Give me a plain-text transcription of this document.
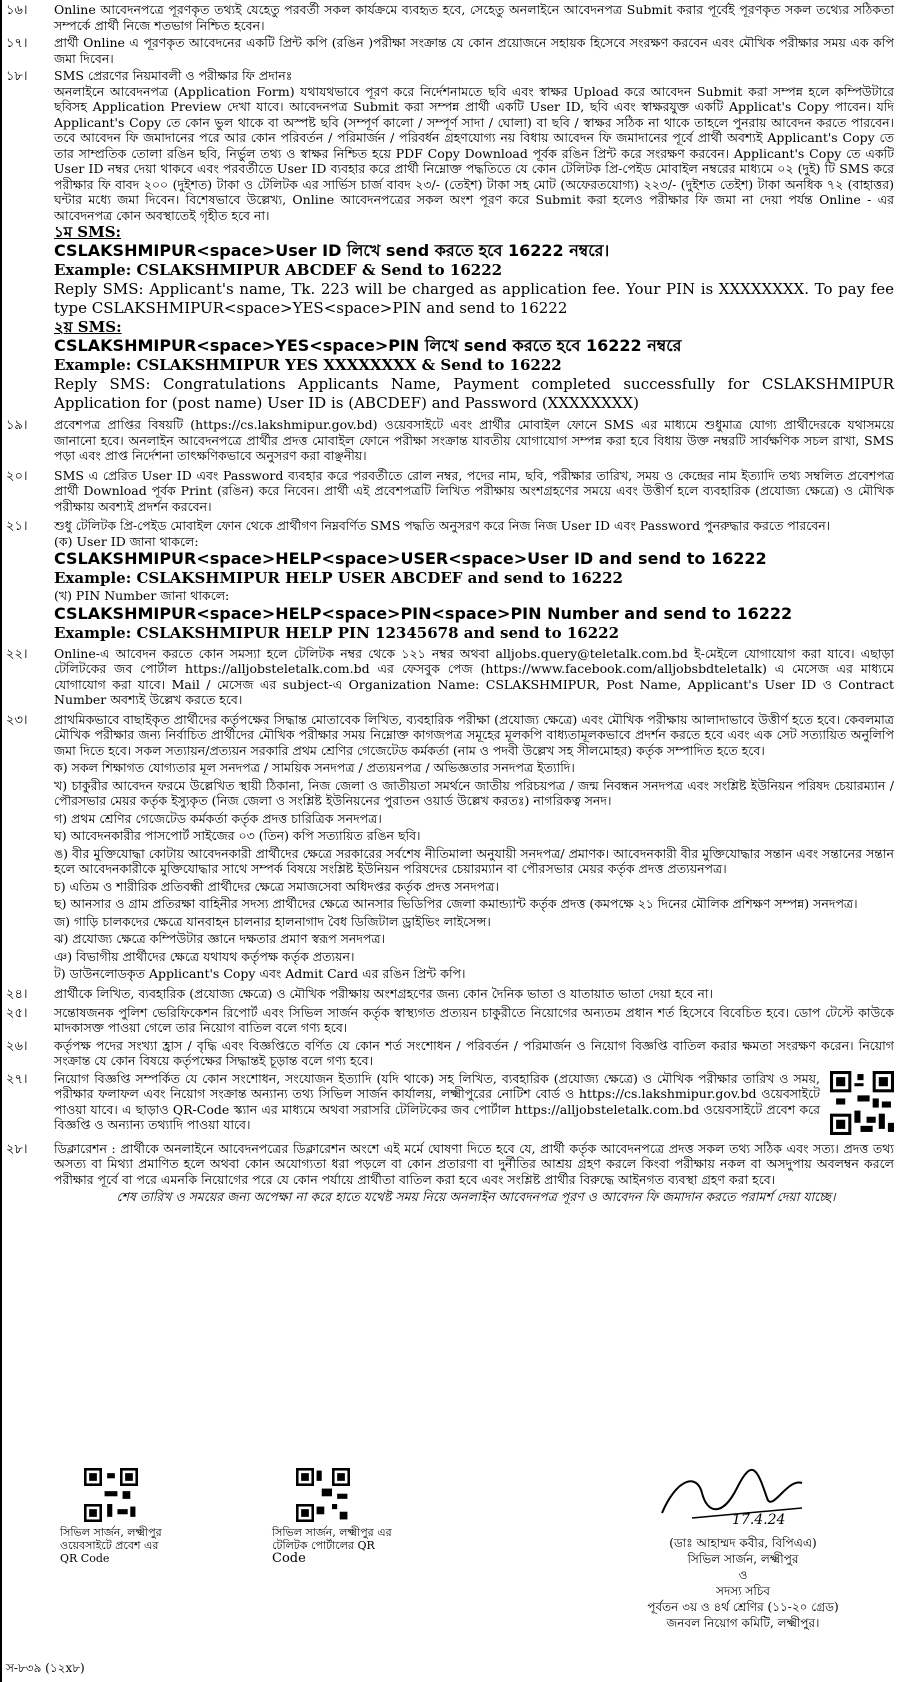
১৬।	Online আবেদনপত্রে পূরণকৃত তথ্যই যেহেতু পরবর্তী সকল কার্যক্রমে ব্যবহৃত হবে, সেহেতু অনলাইনে আবেদনপত্র Submit করার পূর্বেই পূরণকৃত সকল তথ্যের সঠিকতা সম্পর্কে প্রার্থী নিজে শতভাগ নিশ্চিত হবেন।
১৭।	প্রার্থী Online এ পূরণকৃত আবেদনের একটি প্রিন্ট কপি (রঙিন )পরীক্ষা সংক্রান্ত যে কোন প্রয়োজনে সহায়ক হিসেবে সংরক্ষণ করবেন এবং মৌখিক পরীক্ষার সময় এক কপি জমা দিবেন।
১৮।	SMS প্রেরণের নিয়মাবলী ও পরীক্ষার ফি প্রদানঃ
অনলাইনে আবেদনপত্র (Application Form) যথাযথভাবে পূরণ করে নির্দেশনামতে ছবি এবং স্বাক্ষর Upload করে আবেদন Submit করা সম্পন্ন হলে কম্পিউটারে ছবিসহ Application Preview দেখা যাবে। আবেদনপত্র Submit করা সম্পন্ন প্রার্থী একটি User ID, ছবি এবং স্বাক্ষরযুক্ত একটি Applicat's Copy পাবেন। যদি Applicant's Copy তে কোন ভুল থাকে বা অস্পষ্ট ছবি (সম্পূর্ণ কালো / সম্পূর্ণ সাদা / ঘোলা) বা ছবি / স্বাক্ষর সঠিক না থাকে তাহলে পুনরায় আবেদন করতে পারবেন। তবে আবেদন ফি জমাদানের পরে আর কোন পরিবর্তন / পরিমার্জন / পরিবর্ধন গ্রহণযোগ্য নয় বিধায় আবেদন ফি জমাদানের পূর্বে প্রার্থী অবশ্যই Applicant's Copy তে তার সাম্প্রতিক তোলা রঙিন ছবি, নির্ভুল তথ্য ও স্বাক্ষর নিশ্চিত হয়ে PDF Copy Download পূর্বক রঙিন প্রিন্ট করে সংরক্ষণ করবেন। Applicant's Copy তে একটি User ID নম্বর দেয়া থাকবে এবং পরবর্তীতে User ID ব্যবহার করে প্রার্থী নিম্নোক্ত পদ্ধতিতে যে কোন টেলিটক প্রি-পেইড মোবাইল নম্বরের মাধ্যমে ০২ (দুই) টি SMS করে পরীক্ষার ফি বাবদ ২০০ (দুইশত) টাকা ও টেলিটক এর সার্ভিস চার্জ বাবদ ২৩/- (তেইশ) টাকা সহ মোট (অফেরতযোগ্য) ২২৩/- (দুইশত তেইশ) টাকা অনধিক ৭২ (বাহাত্তর) ঘন্টার মধ্যে জমা দিবেন। বিশেষভাবে উল্লেখ্য, Online আবেদনপত্রের সকল অংশ পূরণ করে Submit করা হলেও পরীক্ষার ফি জমা না দেয়া পর্যন্ত Online - এর আবেদনপত্র কোন অবস্থাতেই গৃহীত হবে না।
১ম SMS:
CSLAKSHMIPUR<space>User ID লিখে send করতে হবে 16222 নম্বরে।
Example: CSLAKSHMIPUR ABCDEF & Send to 16222
Reply SMS: Applicant's name, Tk. 223 will be charged as application fee. Your PIN is XXXXXXXX. To pay fee type CSLAKSHMIPUR<space>YES<space>PIN and send to 16222
২য় SMS:
CSLAKSHMIPUR<space>YES<space>PIN লিখে send করতে হবে 16222 নম্বরে
Example: CSLAKSHMIPUR YES XXXXXXXX & Send to 16222
Reply SMS: Congratulations Applicants Name, Payment completed successfully for CSLAKSHMIPUR Application for (post name) User ID is (ABCDEF) and Password (XXXXXXXX)
১৯।	প্রবেশপত্র প্রাপ্তির বিষয়টি (https://cs.lakshmipur.gov.bd) ওয়েবসাইটে এবং প্রার্থীর মোবাইল ফোনে SMS এর মাধ্যমে শুধুমাত্র যোগ্য প্রার্থীদেরকে যথাসময়ে জানানো হবে। অনলাইন আবেদনপত্রে প্রার্থীর প্রদত্ত মোবাইল ফোনে পরীক্ষা সংক্রান্ত যাবতীয় যোগাযোগ সম্পন্ন করা হবে বিধায় উক্ত নম্বরটি সার্বক্ষণিক সচল রাখা, SMS পড়া এবং প্রাপ্ত নির্দেশনা তাৎক্ষণিকভাবে অনুসরণ করা বাঞ্ছনীয়।
২০।	SMS এ প্রেরিত User ID এবং Password ব্যবহার করে পরবর্তীতে রোল নম্বর, পদের নাম, ছবি, পরীক্ষার তারিখ, সময় ও কেন্দ্রের নাম ইত্যাদি তথ্য সম্বলিত প্রবেশপত্র প্রার্থী Download পূর্বক Print (রঙিন) করে নিবেন। প্রার্থী এই প্রবেশপত্রটি লিখিত পরীক্ষায় অংশগ্রহণের সময়ে এবং উত্তীর্ণ হলে ব্যবহারিক (প্রযোজ্য ক্ষেত্রে) ও মৌখিক পরীক্ষায় অবশ্যই প্রদর্শন করবেন।
২১।	শুধু টেলিটক প্রি-পেইড মোবাইল ফোন থেকে প্রার্থীগণ নিম্নবর্ণিত SMS পদ্ধতি অনুসরণ করে নিজ নিজ User ID এবং Password পুনরুদ্ধার করতে পারবেন।
(ক) User ID জানা থাকলে:
CSLAKSHMIPUR<space>HELP<space>USER<space>User ID and send to 16222
Example: CSLAKSHMIPUR HELP USER ABCDEF and send to 16222
(খ) PIN Number জানা থাকলে:
CSLAKSHMIPUR<space>HELP<space>PIN<space>PIN Number and send to 16222
Example: CSLAKSHMIPUR HELP PIN 12345678 and send to 16222
২২।	Online-এ আবেদন করতে কোন সমস্যা হলে টেলিটক নম্বর থেকে ১২১ নম্বর অথবা alljobs.query@teletalk.com.bd ই-মেইলে যোগাযোগ করা যাবে। এছাড়া টেলিটকের জব পোর্টাল https://alljobsteletalk.com.bd এর ফেসবুক পেজ (https://www.facebook.com/alljobsbdteletalk) এ মেসেজ এর মাধ্যমে যোগাযোগ করা যাবে। Mail / মেসেজ এর subject-এ Organization Name: CSLAKSHMIPUR, Post Name, Applicant's User ID ও Contract Number অবশ্যই উল্লেখ করতে হবে।
২৩।	প্রাথমিকভাবে বাছাইকৃত প্রার্থীদের কর্তৃপক্ষের সিদ্ধান্ত মোতাবেক লিখিত, ব্যবহারিক পরীক্ষা (প্রযোজ্য ক্ষেত্রে) এবং মৌখিক পরীক্ষায় আলাদাভাবে উত্তীর্ণ হতে হবে। কেবলমাত্র মৌখিক পরীক্ষার জন্য নির্বাচিত প্রার্থীদের মৌখিক পরীক্ষার সময় নিম্নোক্ত কাগজপত্র সমূহের মূলকপি বাধ্যতামূলকভাবে প্রদর্শন করতে হবে এবং এক সেট সত্যায়িত অনুলিপি জমা দিতে হবে। সকল সত্যায়ন/প্রত্যয়ন সরকারি প্রথম শ্রেণির গেজেটেড কর্মকর্তা (নাম ও পদবী উল্লেখ সহ সীলমোহর) কর্তৃক সম্পাদিত হতে হবে।
ক) সকল শিক্ষাগত যোগ্যতার মূল সনদপত্র / সাময়িক সনদপত্র / প্রত্যয়নপত্র / অভিজ্ঞতার সনদপত্র ইত্যাদি।
খ) চাকুরীর আবেদন ফরমে উল্লেখিত স্থায়ী ঠিকানা, নিজ জেলা ও জাতীয়তা সমর্থনে জাতীয় পরিচয়পত্র / জন্ম নিবন্ধন সনদপত্র এবং সংশ্লিষ্ট ইউনিয়ন পরিষদ চেয়ারম্যান / পৌরসভার মেয়র কর্তৃক ইস্যুকৃত (নিজ জেলা ও সংশ্লিষ্ট ইউনিয়নের পুরাতন ওয়ার্ড উল্লেখ করতঃ) নাগরিকত্ব সনদ।
গ) প্রথম শ্রেণির গেজেটেড কর্মকর্তা কর্তৃক প্রদত্ত চারিত্রিক সনদপত্র।
ঘ) আবেদনকারীর পাসপোর্ট সাইজের ০৩ (তিন) কপি সত্যায়িত রঙিন ছবি।
ঙ) বীর মুক্তিযোদ্ধা কোটায় আবেদনকারী প্রার্থীদের ক্ষেত্রে সরকারের সর্বশেষ নীতিমালা অনুযায়ী সনদপত্র/ প্রমাণক। আবেদনকারী বীর মুক্তিযোদ্ধার সন্তান এবং সন্তানের সন্তান হলে আবেদনকারীকে মুক্তিযোদ্ধার সাথে সম্পর্ক বিষয়ে সংশ্লিষ্ট ইউনিয়ন পরিষদের চেয়ারম্যান বা পৌরসভার মেয়র কর্তৃক প্রদত্ত প্রত্যয়নপত্র।
চ) এতিম ও শারীরিক প্রতিবন্ধী প্রার্থীদের ক্ষেত্রে সমাজসেবা অধিদপ্তর কর্তৃক প্রদত্ত সনদপত্র।
ছ) আনসার ও গ্রাম প্রতিরক্ষা বাহিনীর সদস্য প্রার্থীদের ক্ষেত্রে আনসার ভিডিপির জেলা কমান্ড্যান্ট কর্তৃক প্রদত্ত (কমপক্ষে ২১ দিনের মৌলিক প্রশিক্ষণ সম্পন্ন) সনদপত্র।
জ) গাড়ি চালকদের ক্ষেত্রে যানবাহন চালনার হালনাগাদ বৈধ ডিজিটাল ড্রাইভিং লাইসেন্স।
ঝ) প্রযোজ্য ক্ষেত্রে কম্পিউটার জ্ঞানে দক্ষতার প্রমাণ স্বরূপ সনদপত্র।
ঞ) বিভাগীয় প্রার্থীদের ক্ষেত্রে যথাযথ কর্তৃপক্ষ কর্তৃক প্রত্যয়ন।
ট) ডাউনলোডকৃত Applicant's Copy এবং Admit Card এর রঙিন প্রিন্ট কপি।
২৪।	প্রার্থীকে লিখিত, ব্যবহারিক (প্রযোজ্য ক্ষেত্রে) ও মৌখিক পরীক্ষায় অংশগ্রহণের জন্য কোন দৈনিক ভাতা ও যাতায়াত ভাতা দেয়া হবে না।
২৫।	সন্তোষজনক পুলিশ ভেরিফিকেশন রিপোর্ট এবং সিভিল সার্জন কর্তৃক স্বাস্থ্যগত প্রত্যয়ন চাকুরীতে নিয়োগের অন্যতম প্রধান শর্ত হিসেবে বিবেচিত হবে। ডোপ টেস্টে কাউকে মাদকাসক্ত পাওয়া গেলে তার নিয়োগ বাতিল বলে গণ্য হবে।
২৬।	কর্তৃপক্ষ পদের সংখ্যা হ্রাস / বৃদ্ধি এবং বিজ্ঞপ্তিতে বর্ণিত যে কোন শর্ত সংশোধন / পরিবর্তন / পরিমার্জন ও নিয়োগ বিজ্ঞপ্তি বাতিল করার ক্ষমতা সংরক্ষণ করেন। নিয়োগ সংক্রান্ত যে কোন বিষয়ে কর্তৃপক্ষের সিদ্ধান্তই চূড়ান্ত বলে গণ্য হবে।
২৭।	নিয়োগ বিজ্ঞপ্তি সম্পর্কিত যে কোন সংশোধন, সংযোজন ইত্যাদি (যদি থাকে) সহ লিখিত, ব্যবহারিক (প্রযোজ্য ক্ষেত্রে) ও মৌখিক পরীক্ষার তারিখ ও সময়, পরীক্ষার ফলাফল এবং নিয়োগ সংক্রান্ত অন্যান্য তথ্য সিভিল সার্জন কার্যালয়, লক্ষ্মীপুরের নোটিশ বোর্ড ও https://cs.lakshmipur.gov.bd ওয়েবসাইটে পাওয়া যাবে। এ ছাড়াও QR-Code স্ক্যান এর মাধ্যমে অথবা সরাসরি টেলিটকের জব পোর্টাল https://alljobsteletalk.com.bd ওয়েবসাইটে প্রবেশ করে বিজ্ঞপ্তি ও অন্যান্য তথ্যাদি পাওয়া যাবে।
২৮।	ডিক্লারেশন : প্রার্থীকে অনলাইনে আবেদনপত্রের ডিক্লারেশন অংশে এই মর্মে ঘোষণা দিতে হবে যে, প্রার্থী কর্তৃক আবেদনপত্রে প্রদত্ত সকল তথ্য সঠিক এবং সত্য। প্রদত্ত তথ্য অসত্য বা মিথ্যা প্রমাণিত হলে অথবা কোন অযোগ্যতা ধরা পড়লে বা কোন প্রতারণা বা দুর্নীতির আশ্রয় গ্রহণ করলে কিংবা পরীক্ষায় নকল বা অসদুপায় অবলম্বন করলে পরীক্ষার পূর্বে বা পরে এমনকি নিয়োগের পরে যে কোন পর্যায়ে প্রার্থীতা বাতিল করা হবে এবং সংশ্লিষ্ট প্রার্থীর বিরুদ্ধে আইনগত ব্যবস্থা গ্রহণ করা হবে।
শেষ তারিখ ও সময়ের জন্য অপেক্ষা না করে হাতে যথেষ্ট সময় নিয়ে অনলাইন আবেদনপত্র পূরণ ও আবেদন ফি জমাদান করতে পরামর্শ দেয়া যাচ্ছে।
সিভিল সার্জন, লক্ষ্মীপুর
ওয়েবসাইটে প্রবেশ এর
QR Code
সিভিল সার্জন, লক্ষ্মীপুর এর
টেলিটক পোর্টালের QR
Code
17.4.24
(ডাঃ আহাম্মদ কবীর, বিপিএএ)
সিভিল সার্জন, লক্ষ্মীপুর
ও
সদস্য সচিব
পূর্বতন ৩য় ও ৪র্থ শ্রেণির (১১-২০ গ্রেড)
জনবল নিয়োগ কমিটি, লক্ষ্মীপুর।
স-৮৩৯ (১২x৮)
